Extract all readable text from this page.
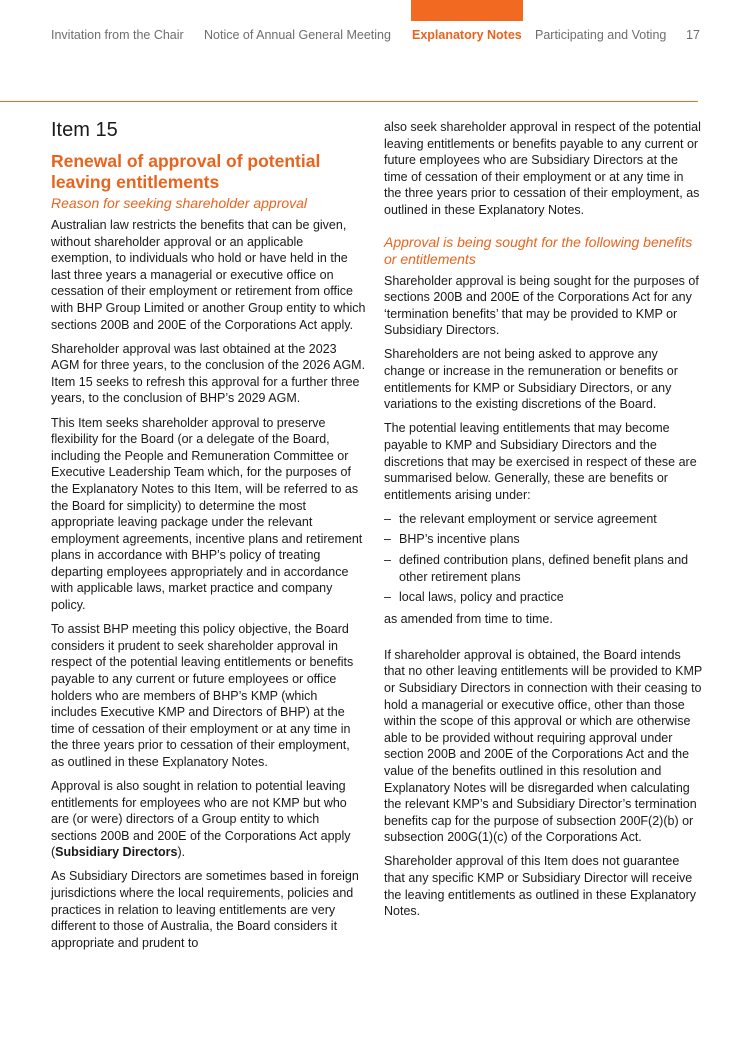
Invitation from the Chair Notice of Annual General Meeting Explanatory Notes Participating and Voting 17
Item 15
Renewal of approval of potential leaving entitlements
Reason for seeking shareholder approval

Australian law restricts the benefits that can be given, without shareholder approval or an applicable exemption, to individuals who hold or have held in the last three years a managerial or executive office on cessation of their employment or retirement from office with BHP Group Limited or another Group entity to which sections 200B and 200E of the Corporations Act apply.

Shareholder approval was last obtained at the 2023 AGM for three years, to the conclusion of the 2026 AGM. Item 15 seeks to refresh this approval for a further three years, to the conclusion of BHP’s 2029 AGM.

This Item seeks shareholder approval to preserve flexibility for the Board (or a delegate of the Board, including the People and Remuneration Committee or Executive Leadership Team which, for the purposes of the Explanatory Notes to this Item, will be referred to as the Board for simplicity) to determine the most appropriate leaving package under the relevant employment agreements, incentive plans and retirement plans in accordance with BHP’s policy of treating departing employees appropriately and in accordance with applicable laws, market practice and company policy.

To assist BHP meeting this policy objective, the Board considers it prudent to seek shareholder approval in respect of the potential leaving entitlements or benefits payable to any current or future employees or office holders who are members of BHP’s KMP (which includes Executive KMP and Directors of BHP) at the time of cessation of their employment or at any time in the three years prior to cessation of their employment, as outlined in these Explanatory Notes.

Approval is also sought in relation to potential leaving entitlements for employees who are not KMP but who are (or were) directors of a Group entity to which sections 200B and 200E of the Corporations Act apply (Subsidiary Directors).

As Subsidiary Directors are sometimes based in foreign jurisdictions where the local requirements, policies and practices in relation to leaving entitlements are very different to those of Australia, the Board considers it appropriate and prudent to

also seek shareholder approval in respect of the potential leaving entitlements or benefits payable to any current or future employees who are Subsidiary Directors at the time of cessation of their employment or at any time in the three years prior to cessation of their employment, as outlined in these Explanatory Notes.

Approval is being sought for the following benefits or entitlements

Shareholder approval is being sought for the purposes of sections 200B and 200E of the Corporations Act for any ‘termination benefits’ that may be provided to KMP or Subsidiary Directors.

Shareholders are not being asked to approve any change or increase in the remuneration or benefits or entitlements for KMP or Subsidiary Directors, or any variations to the existing discretions of the Board.

The potential leaving entitlements that may become payable to KMP and Subsidiary Directors and the discretions that may be exercised in respect of these are summarised below. Generally, these are benefits or entitlements arising under:

– the relevant employment or service agreement
– BHP’s incentive plans
– defined contribution plans, defined benefit plans and other retirement plans
– local laws, policy and practice

as amended from time to time.

If shareholder approval is obtained, the Board intends that no other leaving entitlements will be provided to KMP or Subsidiary Directors in connection with their ceasing to hold a managerial or executive office, other than those within the scope of this approval or which are otherwise able to be provided without requiring approval under section 200B and 200E of the Corporations Act and the value of the benefits outlined in this resolution and Explanatory Notes will be disregarded when calculating the relevant KMP’s and Subsidiary Director’s termination benefits cap for the purpose of subsection 200F(2)(b) or subsection 200G(1)(c) of the Corporations Act.

Shareholder approval of this Item does not guarantee that any specific KMP or Subsidiary Director will receive the leaving entitlements as outlined in these Explanatory Notes.
